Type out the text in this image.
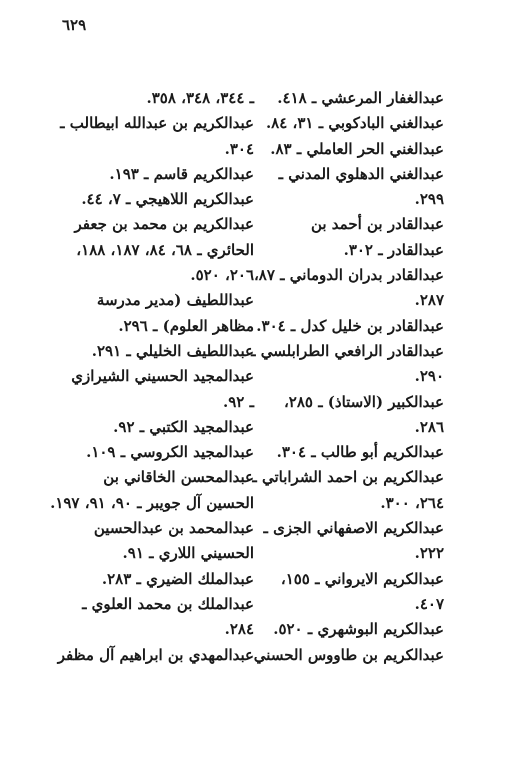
٦٢٩
عبدالغفار المرعشي ـ ٤١٨.
عبدالغني البادكوبي ـ ٣١، ٨٤.
عبدالغني الحر العاملي ـ ٨٣.
عبدالغني الدهلوي المدني ـ
٢٩٩.
عبدالقادر بن أحمد بن
عبدالقادر ـ ٣٠٢.
عبدالقادر بدران الدوماني ـ ٨٧،
٢٨٧.
عبدالقادر بن خليل كدل ـ ٣٠٤.
عبدالقادر الرافعي الطرابلسي ـ
٢٩٠.
عبدالكبير (الاستاذ) ـ ٢٨٥،
٢٨٦.
عبدالكريم أبو طالب ـ ٣٠٤.
عبدالكريم بن احمد الشراباتي ـ
٢٦٤، ٣٠٠.
عبدالكريم الاصفهاني الجزى ـ
٢٢٢.
عبدالكريم الايرواني ـ ١٥٥،
٤٠٧.
عبدالكريم البوشهري ـ ٥٢٠.
عبدالكريم بن طاووس الحسني
ـ ٣٤٤، ٣٤٨، ٣٥٨.
عبدالكريم بن عبدالله ابيطالب ـ
٣٠٤.
عبدالكريم قاسم ـ ١٩٣.
عبدالكريم اللاهيجي ـ ٧، ٤٤.
عبدالكريم بن محمد بن جعفر
الحائري ـ ٦٨، ٨٤، ١٨٧، ١٨٨،
٢٠٦، ٥٢٠.
عبداللطيف (مدير مدرسة
مظاهر العلوم) ـ ٢٩٦.
عبداللطيف الخليلي ـ ٢٩١.
عبدالمجيد الحسيني الشيرازي
ـ ٩٢.
عبدالمجيد الكتبي ـ ٩٢.
عبدالمجيد الكروسي ـ ١٠٩.
عبدالمحسن الخاقاني بن
الحسين آل جويبر ـ ٩٠، ٩١، ١٩٧.
عبدالمحمد بن عبدالحسين
الحسيني اللاري ـ ٩١.
عبدالملك الضيري ـ ٢٨٣.
عبدالملك بن محمد العلوي ـ
٢٨٤.
عبدالمهدي بن ابراهيم آل مظفر
